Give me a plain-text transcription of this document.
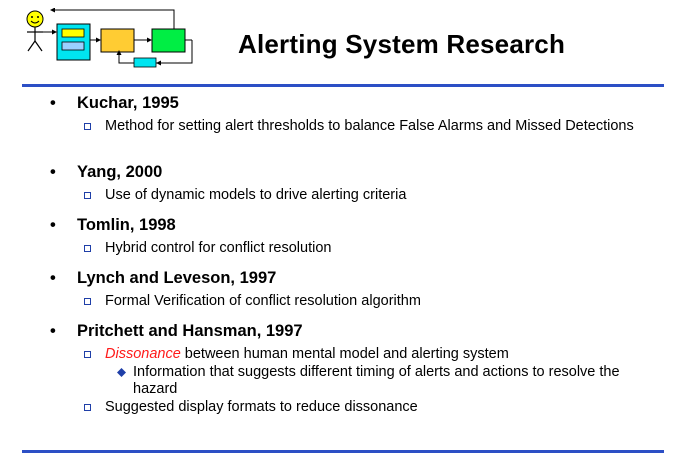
Alerting System Research
• Kuchar, 1995
Method for setting alert thresholds to balance False Alarms and Missed Detections
• Yang, 2000
Use of dynamic models to drive alerting criteria
• Tomlin, 1998
Hybrid control for conflict resolution
• Lynch and Leveson, 1997
Formal Verification of conflict resolution algorithm
• Pritchett and Hansman, 1997
Dissonance between human mental model and alerting system
Information that suggests different timing of alerts and actions to resolve the hazard
Suggested display formats to reduce dissonance
